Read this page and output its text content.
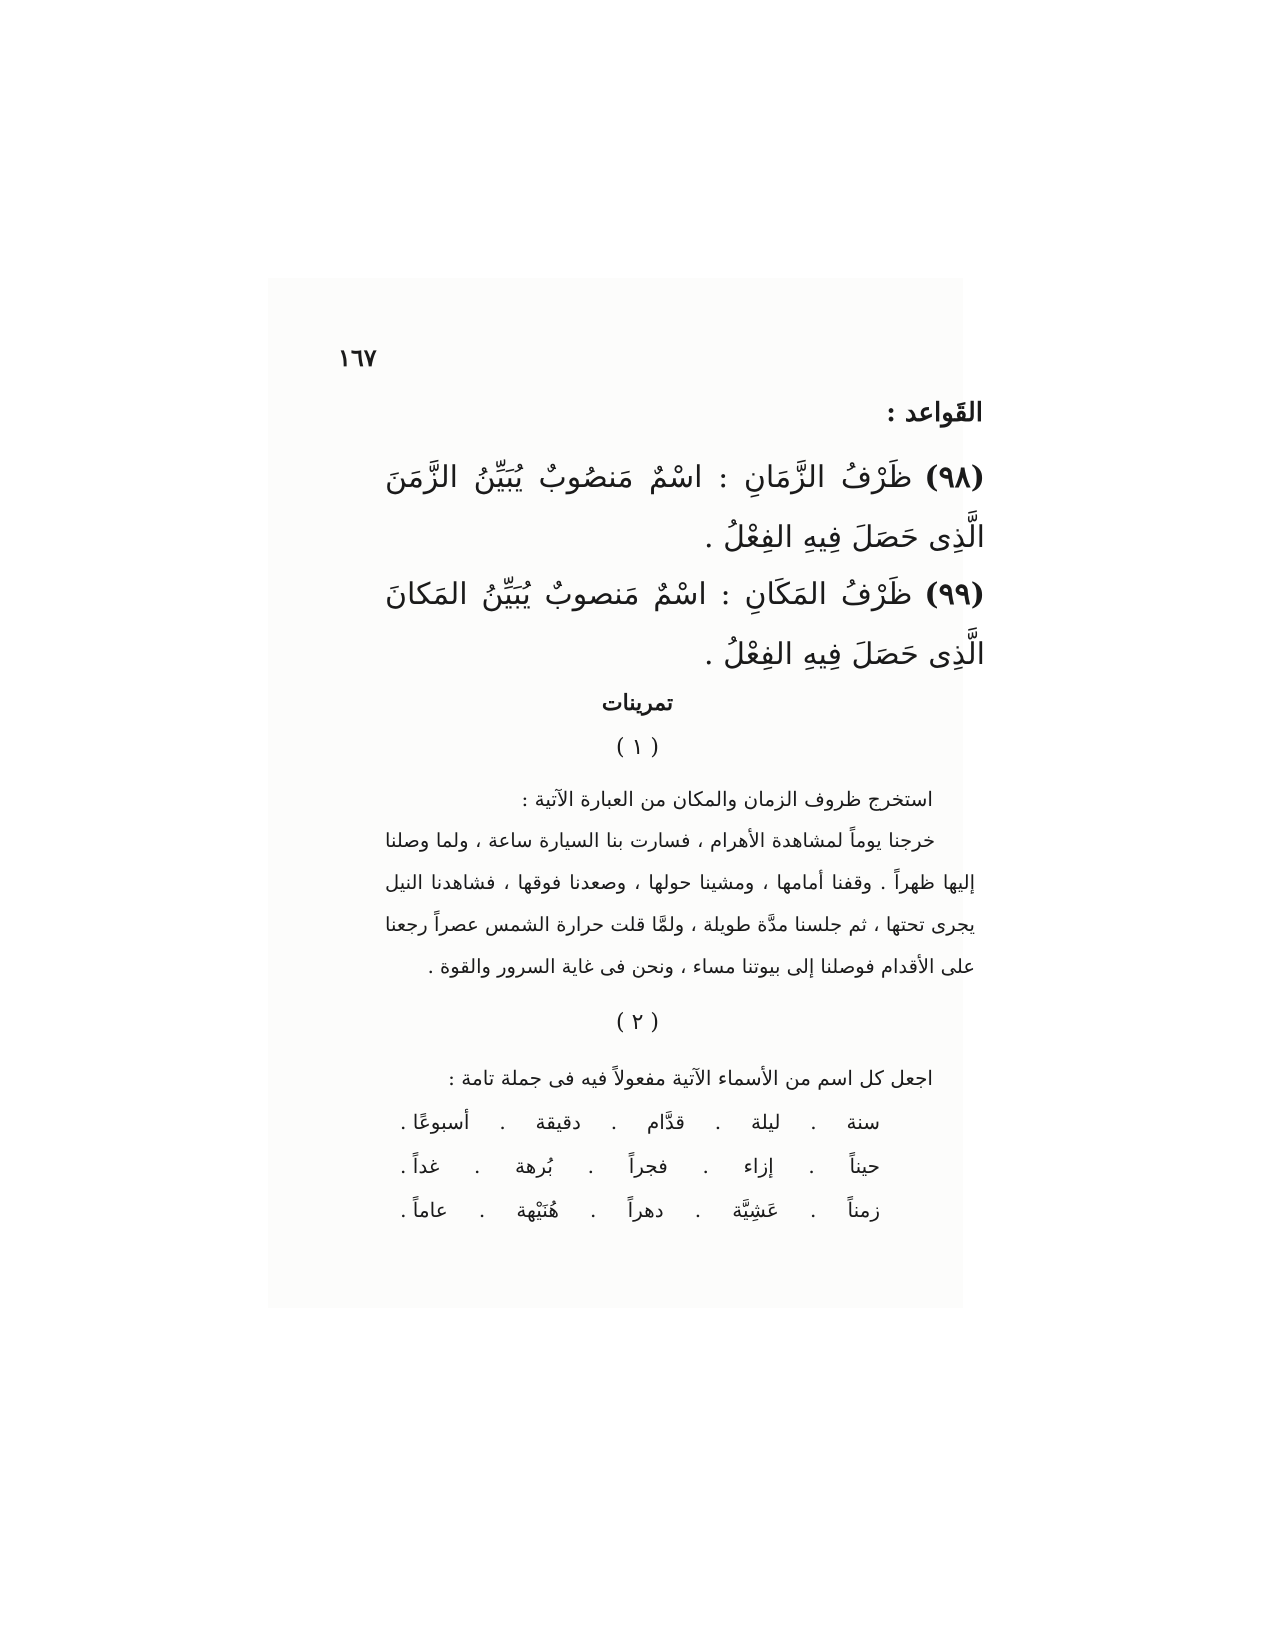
١٦٧
القَواعد :
(٩٨)ظَرْفُ الزَّمَانِ : اسْمٌ مَنصُوبٌ يُبَيِّنُ الزَّمَنَ الَّذِى حَصَلَ فِيهِ الفِعْلُ .
(٩٩)ظَرْفُ المَكَانِ : اسْمٌ مَنصوبٌ يُبَيِّنُ المَكانَ الَّذِى حَصَلَ فِيهِ الفِعْلُ .
تمرينات
( ١ )
استخرج ظروف الزمان والمكان من العبارة الآتية :
خرجنا يوماً لمشاهدة الأهرام ، فسارت بنا السيارة ساعة ، ولما وصلنا إليها ظهراً . وقفنا أمامها ، ومشينا حولها ، وصعدنا فوقها ، فشاهدنا النيل يجرى تحتها ، ثم جلسنا مدَّة طويلة ، ولمَّا قلت حرارة الشمس عصراً رجعنا على الأقدام فوصلنا إلى بيوتنا مساء ، ونحن فى غاية السرور والقوة .
( ٢ )
اجعل كل اسم من الأسماء الآتية مفعولاً فيه فى جملة تامة :
سنة
.
ليلة
.
قدَّام
.
دقيقة
.
أسبوعًا .
حيناً
.
إزاء
.
فجراً
.
بُرهة
.
غداً .
زمناً
.
عَشِيَّة
.
دهراً
.
هُنَيْهة
.
عاماً .
